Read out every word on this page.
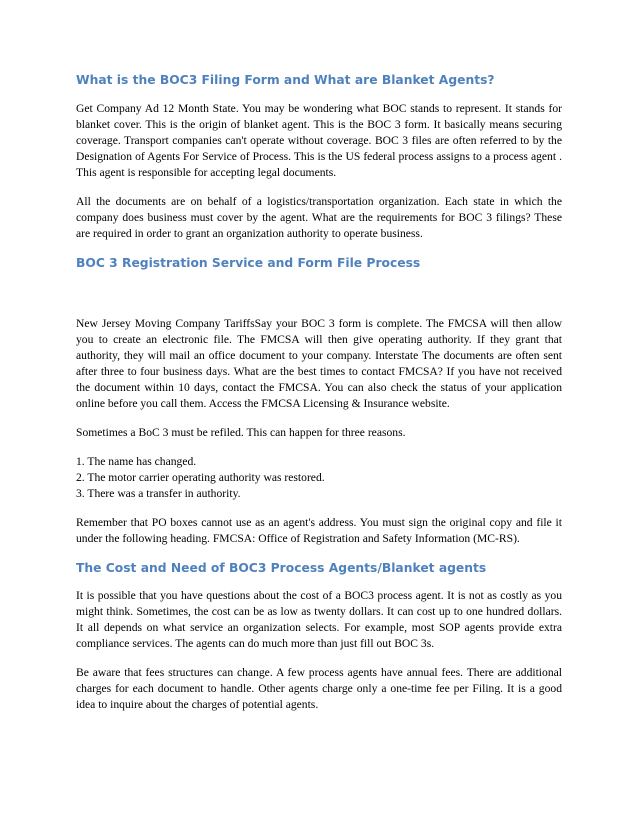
What is the BOC3 Filing Form and What are Blanket Agents?

Get Company Ad 12 Month State. You may be wondering what BOC stands to represent. It stands for blanket cover. This is the origin of blanket agent. This is the BOC 3 form. It basically means securing coverage. Transport companies can't operate without coverage. BOC 3 files are often referred to by the Designation of Agents For Service of Process. This is the US federal process assigns to a process agent . This agent is responsible for accepting legal documents.

All the documents are on behalf of a logistics/transportation organization. Each state in which the company does business must cover by the agent. What are the requirements for BOC 3 filings? These are required in order to grant an organization authority to operate business.

BOC 3 Registration Service and Form File Process

New Jersey Moving Company TariffsSay your BOC 3 form is complete. The FMCSA will then allow you to create an electronic file. The FMCSA will then give operating authority. If they grant that authority, they will mail an office document to your company. Interstate The documents are often sent after three to four business days. What are the best times to contact FMCSA? If you have not received the document within 10 days, contact the FMCSA. You can also check the status of your application online before you call them. Access the FMCSA Licensing & Insurance website.

Sometimes a BoC 3 must be refiled. This can happen for three reasons.

1. The name has changed.
2. The motor carrier operating authority was restored.
3. There was a transfer in authority.

Remember that PO boxes cannot use as an agent's address. You must sign the original copy and file it under the following heading. FMCSA: Office of Registration and Safety Information (MC-RS).

The Cost and Need of BOC3 Process Agents/Blanket agents

It is possible that you have questions about the cost of a BOC3 process agent. It is not as costly as you might think. Sometimes, the cost can be as low as twenty dollars. It can cost up to one hundred dollars. It all depends on what service an organization selects. For example, most SOP agents provide extra compliance services. The agents can do much more than just fill out BOC 3s.

Be aware that fees structures can change. A few process agents have annual fees. There are additional charges for each document to handle. Other agents charge only a one-time fee per Filing. It is a good idea to inquire about the charges of potential agents.
